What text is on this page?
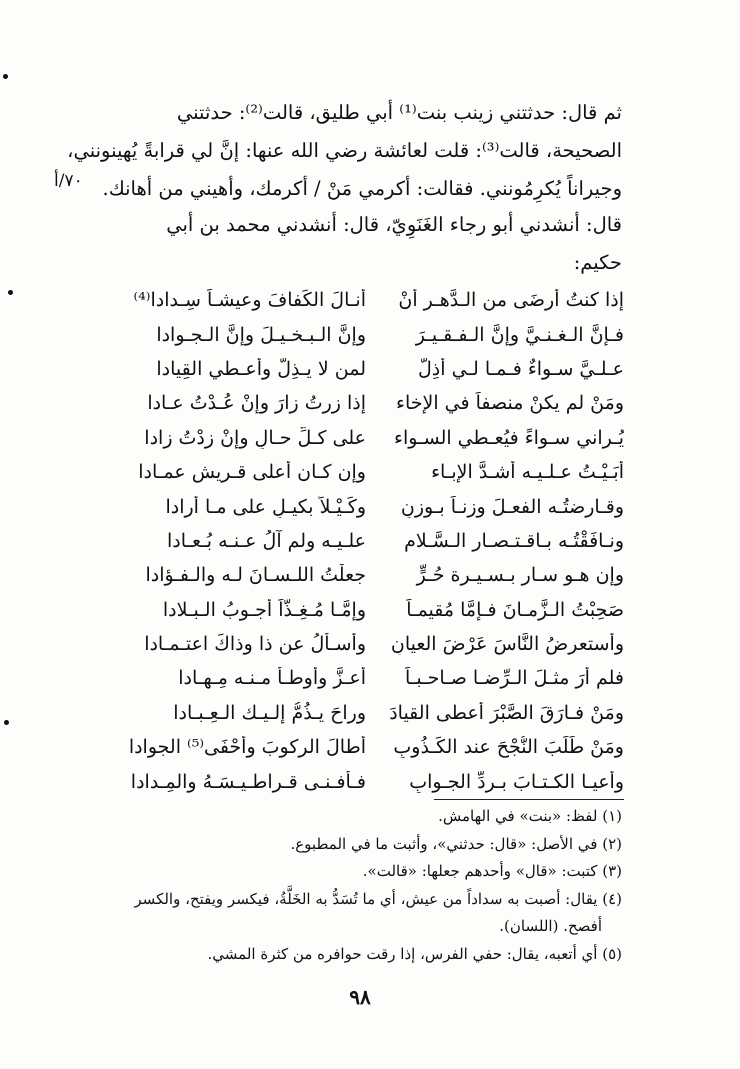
ثم قال: حدثتني زينب بنت⁽¹⁾ أبي طليق، قالت⁽²⁾: حدثتني
الصحيحة، قالت⁽³⁾: قلت لعائشة رضي الله عنها: إنَّ لي قرابةً يُهينونني،
وجيراناً يُكرِمُونني. فقالت: أكرمي مَنْ / أكرمك، وأهيني من أهانك.
٧٠/أ
قال: أنشدني أبو رجاء الغَنَوِيّ، قال: أنشدني محمد بن أبي
حكيم:
إذا كنتُ أرضَى من الـدَّهـر أنْ
أنـالَ الكَفافَ وعيشـاً سِـدادا⁽⁴⁾
فـإنَّ الـغـنـيَّ وإنَّ الـفـقـيـرَ
وإنَّ الـبـخـيـلَ وإنَّ الـجـوادا
عـلـيَّ سـواءٌ فـمـا لـي أذِلُّ
لمن لا يـذِلُّ وأعـطي القِيادا
ومَنْ لم يكنْ منصفاً في الإخاء
إذا زرتُ زارَ وإنْ عُـدْتُ عـادا
يُـراني سـواءً فيُعـطي السـواء
على كـلِّ حـالٍ وإنْ زدْتُ زادا
أبَـيْـتُ عـلـيـه أشـدَّ الإبـاء
وإن كـان أعلى قـريشٍ عمـادا
وقـارضتُـه الفعـلَ وزنـاً بـوزنٍ
وكَـيْـلاً بكيـلٍ على مـا أرادا
ونـافَقْتُـه بـاقـتـصـار الـسَّـلام
علـيـه ولم آلُ عـنـه بُـعـادا
وإن هـو سـار بـسـيـرة حُـرٍّ
جعلْتُ اللـسـانَ لـه والـفـؤادا
صَحِبْتُ الـزَّمـانَ فـإمَّا مُقيمـاً
وإمَّـا مُـغِـذّاً أجـوبُ الـبـلادا
وأستعرِضُ النَّاسَ عَرْضَ العيانِ
وأسـألُ عن ذا وذاكَ اعتـمـادا
فلم أرَ مثـلَ الـرِّضـا صـاحـبـاً
أعـزَّ وأوطـأ مـنـه مِـهـادا
ومَنْ فـارَقَ الصَّبْرَ أعطى القيادَ
وراحَ يـذُمُّ إلـيـك الـعِـبـادا
ومَنْ طَلَبَ النُّجْحَ عند الكَـذُوبِ
أطالَ الركوبَ وأحْفَى⁽⁵⁾ الجوادا
وأعيـا الكـتـابَ بـردِّ الجـوابِ
فـأفـنـى قـراطـيـسَـهُ والمِـدادا
(١) لفظ: «بنت» في الهامش.
(٢) في الأصل: «قال: حدثني»، وأثبت ما في المطبوع.
(٣) كتبت: «قال» وأحدهم جعلها: «قالت».
(٤) يقال: أصبت به سداداً من عيش، أي ما تُسَدُّ به الخَلَّةُ، فيكسر ويفتح، والكسر
أفصح. (اللسان).
(٥) أي أتعبه، يقال: حفي الفرس، إذا رقت حوافره من كثرة المشي.
٩٨
